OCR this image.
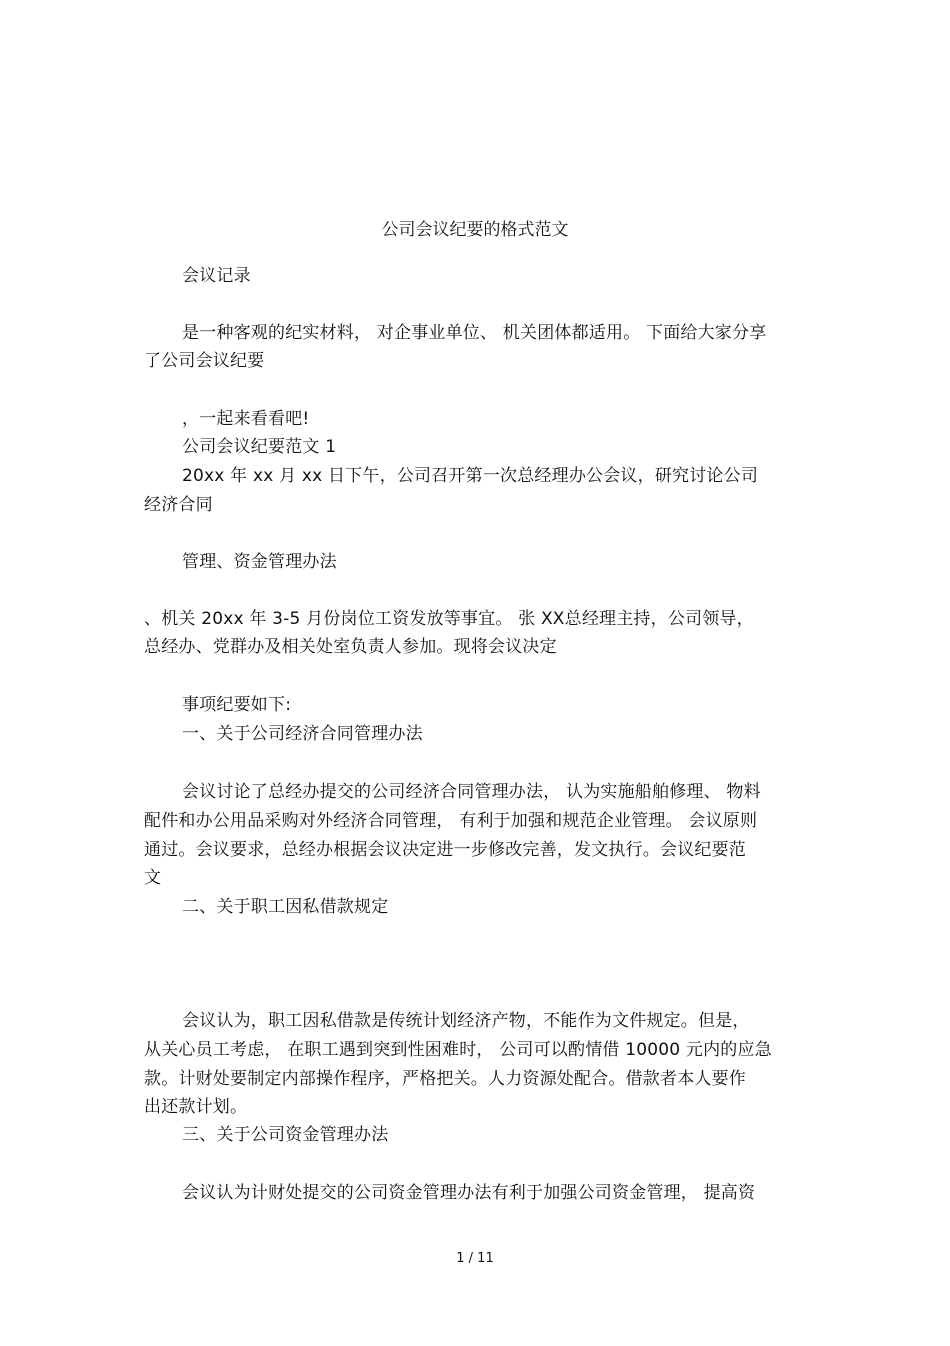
公司会议纪要的格式范文
会议记录
是一种客观的纪实材料， 对企事业单位、 机关团体都适用。 下面给大家分享
了公司会议纪要
，一起来看看吧!
公司会议纪要范文 1
20xx 年 xx 月 xx 日下午，公司召开第一次总经理办公会议，研究讨论公司
经济合同
管理、资金管理办法
、机关 20xx 年 3-5 月份岗位工资发放等事宜。 张 XX总经理主持，公司领导，
总经办、党群办及相关处室负责人参加。现将会议决定
事项纪要如下:
一、关于公司经济合同管理办法
会议讨论了总经办提交的公司经济合同管理办法， 认为实施船舶修理、 物料
配件和办公用品采购对外经济合同管理， 有利于加强和规范企业管理。 会议原则
通过。会议要求，总经办根据会议决定进一步修改完善，发文执行。会议纪要范
文
二、关于职工因私借款规定
会议认为，职工因私借款是传统计划经济产物，不能作为文件规定。但是，
从关心员工考虑， 在职工遇到突到性困难时， 公司可以酌情借 10000 元内的应急
款。计财处要制定内部操作程序，严格把关。人力资源处配合。借款者本人要作
出还款计划。
三、关于公司资金管理办法
会议认为计财处提交的公司资金管理办法有利于加强公司资金管理， 提高资
1 / 11
